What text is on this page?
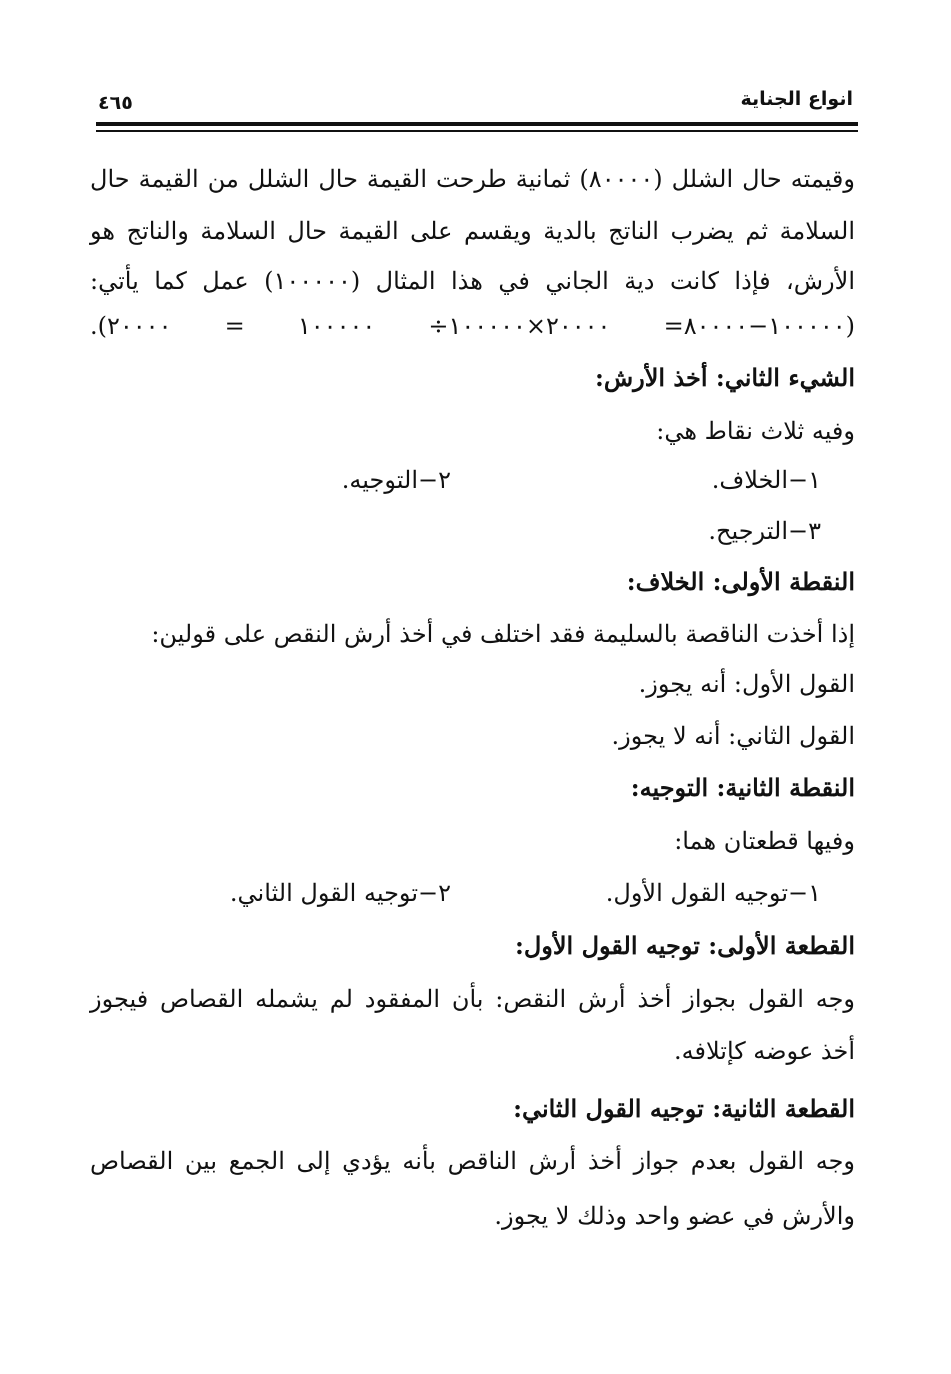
انواع الجناية
٤٦٥
وقيمته حال الشلل (٨٠٠٠٠) ثمانية طرحت القيمة حال الشلل من القيمة حال
السلامة ثم يضرب الناتج بالدية ويقسم على القيمة حال السلامة والناتج هو
الأرش، فإذا كانت دية الجاني في هذا المثال (١٠٠٠٠٠) عمل كما يأتي:
(١٠٠٠٠٠−٨٠٠٠٠= ٢٠٠٠٠×١٠٠٠٠٠÷ ١٠٠٠٠٠ = ٢٠٠٠٠).
الشيء الثاني: أخذ الأرش:
وفيه ثلاث نقاط هي:
١−الخلاف.
٢−التوجيه.
٣−الترجيح.
النقطة الأولى: الخلاف:
إذا أخذت الناقصة بالسليمة فقد اختلف في أخذ أرش النقص على قولين:
القول الأول: أنه يجوز.
القول الثاني: أنه لا يجوز.
النقطة الثانية: التوجيه:
وفيها قطعتان هما:
١−توجيه القول الأول.
٢−توجيه القول الثاني.
القطعة الأولى: توجيه القول الأول:
وجه القول بجواز أخذ أرش النقص: بأن المفقود لم يشمله القصاص فيجوز
أخذ عوضه كإتلافه.
القطعة الثانية: توجيه القول الثاني:
وجه القول بعدم جواز أخذ أرش الناقص بأنه يؤدي إلى الجمع بين القصاص
والأرش في عضو واحد وذلك لا يجوز.
